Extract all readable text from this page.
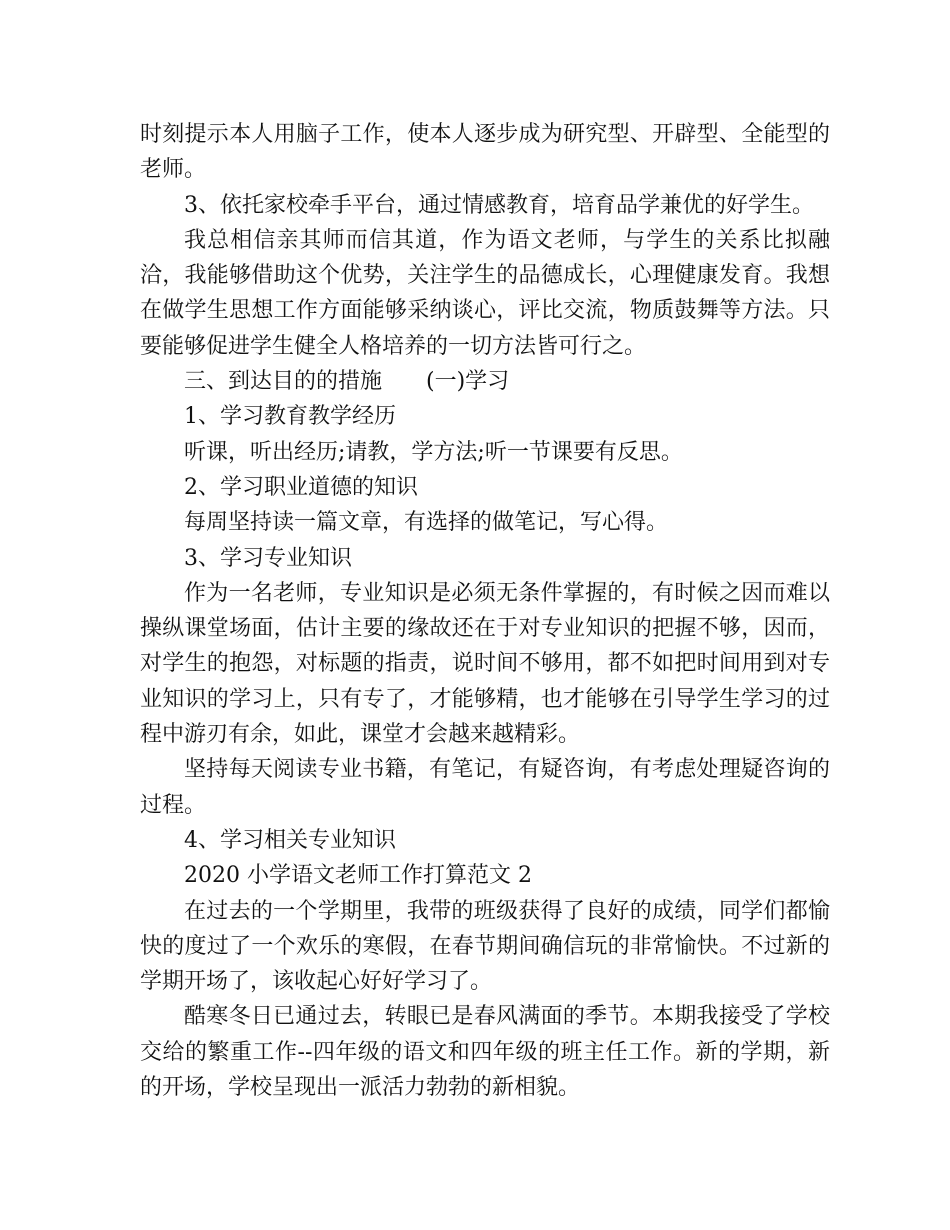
时刻提示本人用脑子工作，使本人逐步成为研究型、开辟型、全能型的老师。

3、依托家校牵手平台，通过情感教育，培育品学兼优的好学生。

我总相信亲其师而信其道，作为语文老师，与学生的关系比拟融洽，我能够借助这个优势，关注学生的品德成长，心理健康发育。我想在做学生思想工作方面能够采纳谈心，评比交流，物质鼓舞等方法。只要能够促进学生健全人格培养的一切方法皆可行之。

三、到达目的的措施 (一)学习

1、学习教育教学经历

听课，听出经历;请教，学方法;听一节课要有反思。

2、学习职业道德的知识

每周坚持读一篇文章，有选择的做笔记，写心得。

3、学习专业知识

作为一名老师，专业知识是必须无条件掌握的，有时候之因而难以操纵课堂场面，估计主要的缘故还在于对专业知识的把握不够，因而，对学生的抱怨，对标题的指责，说时间不够用，都不如把时间用到对专业知识的学习上，只有专了，才能够精，也才能够在引导学生学习的过程中游刃有余，如此，课堂才会越来越精彩。

坚持每天阅读专业书籍，有笔记，有疑咨询，有考虑处理疑咨询的过程。

4、学习相关专业知识

2020 小学语文老师工作打算范文 2

在过去的一个学期里，我带的班级获得了良好的成绩，同学们都愉快的度过了一个欢乐的寒假，在春节期间确信玩的非常愉快。不过新的学期开场了，该收起心好好学习了。

酷寒冬日已通过去，转眼已是春风满面的季节。本期我接受了学校交给的繁重工作--四年级的语文和四年级的班主任工作。新的学期，新的开场，学校呈现出一派活力勃勃的新相貌。
